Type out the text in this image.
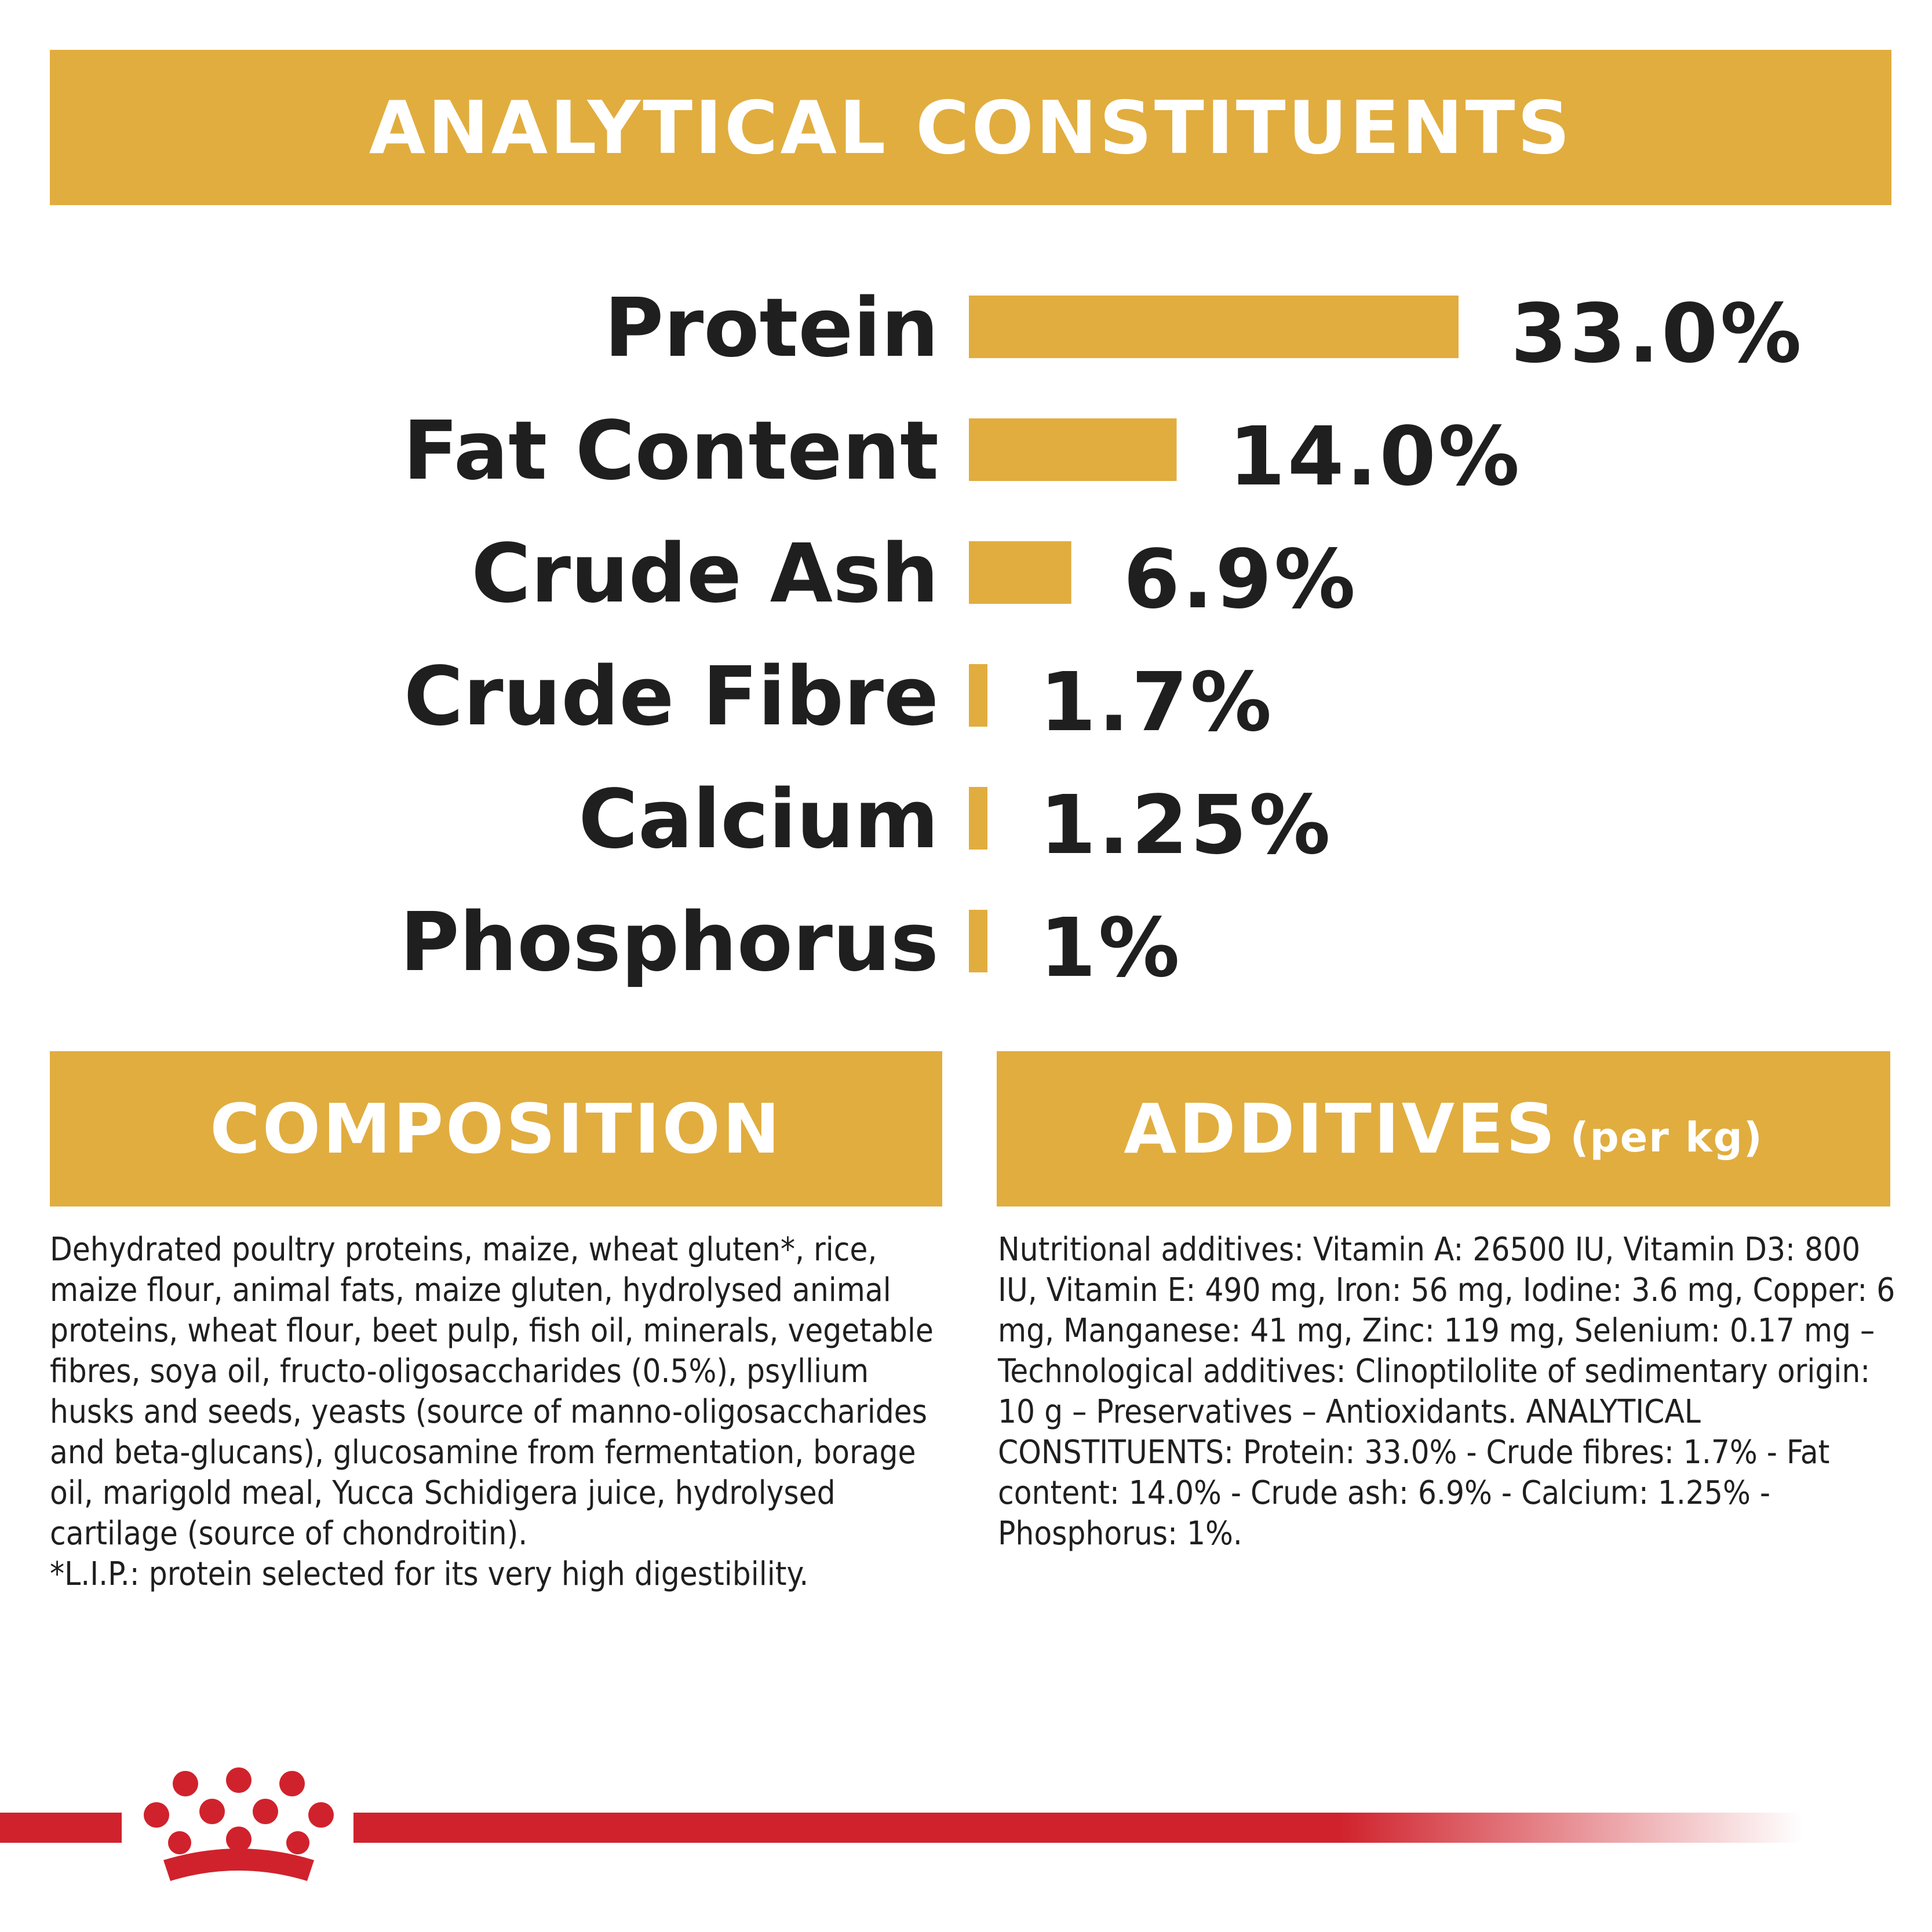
ANALYTICAL CONSTITUENTS
Protein	33.0%
Fat Content	14.0%
Crude Ash 6.9%
Crude Fibre 1.7%
Calcium 1.25%
Phosphorus 1%
COMPOSITION	ADDITIVES (per kg)
Dehydrated poultry proteins, maize, wheat gluten*, rice, maize flour, animal fats, maize gluten, hydrolysed animal proteins, wheat flour, beet pulp, fish oil, minerals, vegetable fibres, soya oil, fructo-oligosaccharides (0.5%), psyllium husks and seeds, yeasts (source of manno-oligosaccharides and beta-glucans), glucosamine from fermentation, borage oil, marigold meal, Yucca Schidigera juice, hydrolysed cartilage (source of chondroitin).
*L.I.P.: protein selected for its very high digestibility.
Nutritional additives: Vitamin A: 26500 IU, Vitamin D3: 800 IU, Vitamin E: 490 mg, Iron: 56 mg, Iodine: 3.6 mg, Copper: 6 mg, Manganese: 41 mg, Zinc: 119 mg, Selenium: 0.17 mg – Technological additives: Clinoptilolite of sedimentary origin: 10 g – Preservatives – Antioxidants. ANALYTICAL CONSTITUENTS: Protein: 33.0% - Crude fibres: 1.7% - Fat content: 14.0% - Crude ash: 6.9% - Calcium: 1.25% - Phosphorus: 1%.
